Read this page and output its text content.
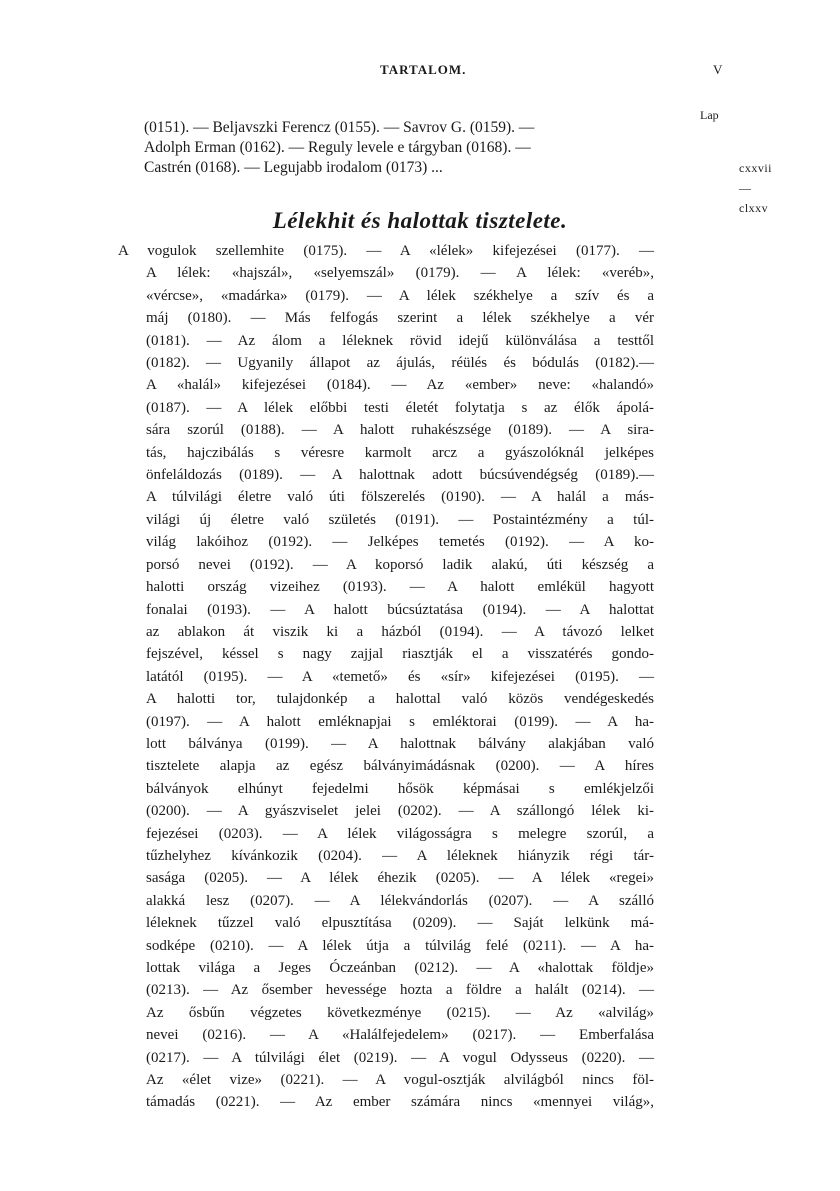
TARTALOM.	V
Lap
(0151). — Beljavszki Ferencz (0155). — Savrov G. (0159). —
Adolph Erman (0162). — Reguly levele e tárgyban (0168). —
Castrén (0168). — Legujabb irodalom (0173) ...	cxxvii—clxxv
Lélekhit és halottak tisztelete.
A vogulok szellemhite (0175). — A «lélek» kifejezései (0177). —
A lélek: «hajszál», «selyemszál» (0179). — A lélek: «veréb»,
«vércse», «madárka» (0179). — A lélek székhelye a szív és a
máj (0180). — Más felfogás szerint a lélek székhelye a vér
(0181). — Az álom a léleknek rövid idejű különválása a testtől
(0182). — Ugyanily állapot az ájulás, réülés és bódulás (0182).—
A «halál» kifejezései (0184). — Az «ember» neve: «halandó»
(0187). — A lélek előbbi testi életét folytatja s az élők ápolá-
sára szorúl (0188). — A halott ruhakészsége (0189). — A sira-
tás, hajczibálás s véresre karmolt arcz a gyászolóknál jelképes
önfeláldozás (0189). — A halottnak adott búcsúvendégség (0189).—
A túlvilági életre való úti fölszerelés (0190). — A halál a más-
világi új életre való születés (0191). — Postaintézmény a túl-
világ lakóihoz (0192). — Jelképes temetés (0192). — A ko-
porsó nevei (0192). — A koporsó ladik alakú, úti készség a
halotti ország vizeihez (0193). — A halott emlékül hagyott
fonalai (0193). — A halott búcsúztatása (0194). — A halottat
az ablakon át viszik ki a házból (0194). — A távozó lelket
fejszével, késsel s nagy zajjal riasztják el a visszatérés gondo-
latától (0195). — A «temető» és «sír» kifejezései (0195). —
A halotti tor, tulajdonkép a halottal való közös vendégeskedés
(0197). — A halott emléknapjai s emléktorai (0199). — A ha-
lott bálványa (0199). — A halottnak bálvány alakjában való
tisztelete alapja az egész bálványimádásnak (0200). — A híres
bálványok elhúnyt fejedelmi hősök képmásai s emlékjelzői
(0200). — A gyászviselet jelei (0202). — A szállongó lélek ki-
fejezései (0203). — A lélek világosságra s melegre szorúl, a
tűzhelyhez kívánkozik (0204). — A léleknek hiányzik régi tár-
sasága (0205). — A lélek éhezik (0205). — A lélek «regei»
alakká lesz (0207). — A lélekvándorlás (0207). — A szálló
léleknek tűzzel való elpusztítása (0209). — Saját lelkünk má-
sodképe (0210). — A lélek útja a túlvilág felé (0211). — A ha-
lottak világa a Jeges Óczeánban (0212). — A «halottak földje»
(0213). — Az ősember hevessége hozta a földre a halált (0214). —
Az ősbűn végzetes következménye (0215). — Az «alvilág»
nevei (0216). — A «Halálfejedelem» (0217). — Emberfalása
(0217). — A túlvilági élet (0219). — A vogul Odysseus (0220). —
Az «élet vize» (0221). — A vogul-osztják alvilágból nincs föl-
támadás (0221). — Az ember számára nincs «mennyei világ»,
